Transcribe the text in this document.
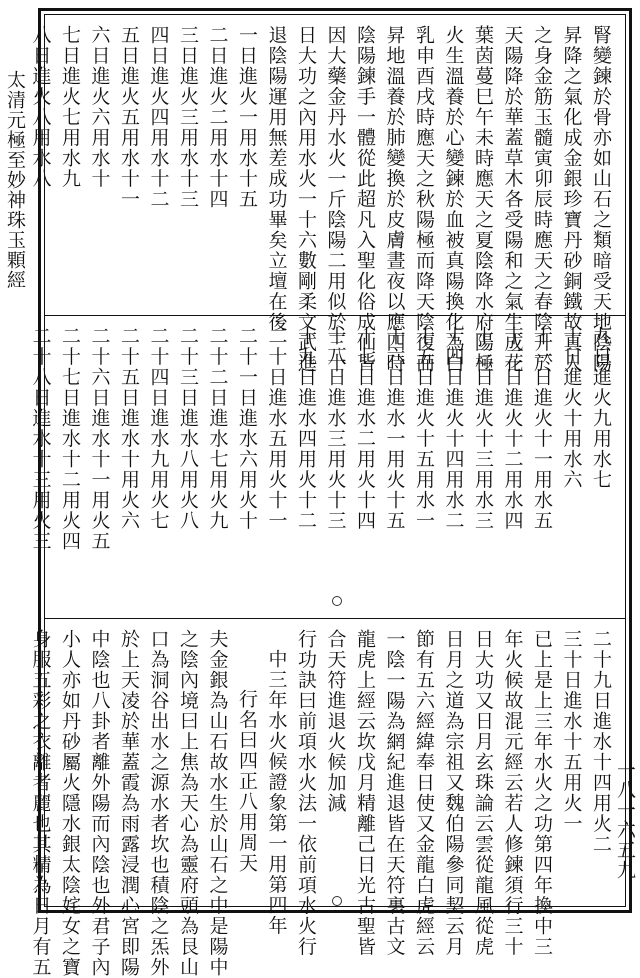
太清元極至妙神珠玉顆經	腎變鍊於骨亦如山石之類暗受天地陰陽
昇降之氣化成金銀珍寶丹砂銅鐵故真人
之身金筋玉髓寅卯辰時應天之春陰升於
天陽降於華蓋草木各受陽和之氣生成花
葉茵蔓巳午未時應天之夏陰降水府陽極
火生溫養於心變鍊於血被真陽換化為白
乳申酉戌時應天之秋陽極而降天陰復而
昇地溫養於肺變換於皮膚晝夜以應四時
陰陽鍊手一體從此超凡入聖化俗成仙皆
因大藥金丹水火一斤陰陽二用似於三十
日大功之內用水火一十六數剛柔文武進
退陰陽運用無差成功畢矣立壇在後
一日進火一用水十五
二日進火二用水十四
三日進火三用水十三
四日進火四用水十二
五日進火五用水十一
六日進火六用水十
七日進火七用水九
八日進火八用水八
九日進火九用水七
十日進火十用水六
十一日進火十一用水五
十二日進火十二用水四
十三日進火十三用水三
十四日進火十四用水二
十五日進火十五用水一
十六日進水一用火十五
十七日進水二用火十四
十八日進水三用火十三
十九日進水四用火十二
二十日進水五用火十一
二十一日進水六用火十
二十二日進水七用火九
二十三日進水八用火八
二十四日進水九用火七
二十五日進水十用火六
二十六日進水十一用火五
二十七日進水十二用火四
二十八日進水十三用火三
二十九日進水十四用火二
三十日進水十五用火一
已上是上三年水火之功第四年換中三
年火候故混元經云若人修鍊須行三十
日大功又日月玄珠論云雲從龍風從虎
日月之道為宗祖又魏伯陽參同契云月
節有五六經緯奉日使又金龍白虎經云
一陰一陽為網紀進退皆在天符裏古文
龍虎上經云坎戊月精離己日光古聖皆
合天符進退火候加減
行功訣曰前項水火法一依前項水火行
中三年水火候證象第一用第四年
行名曰四正八用周天
夫金銀為山石故水生於山石之中是陽中
之陰內境曰上焦為天心為靈府頭為艮山
口為洞谷出水之源水者坎也積陰之炁外
於上天凌於華蓋霞為雨露浸潤心宮即陽
中陰也八卦者離外陽而內陰也外君子內
小人亦如丹砂屬火隱水銀太陰姹女之寶
身服五彩之衣離者麗也其精為日月有五	一八一六五九
